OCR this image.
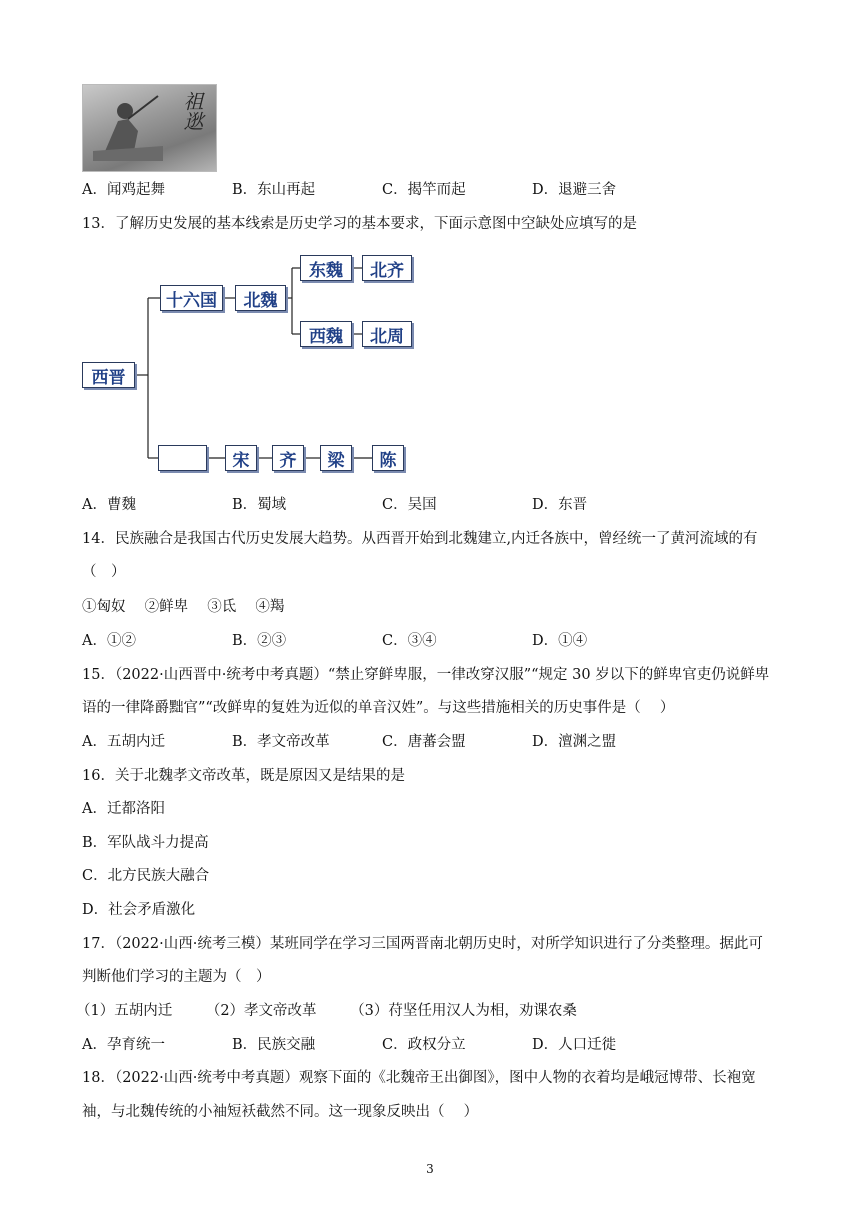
祖逖
A．闻鸡起舞	B．东山再起	C．揭竿而起	D．退避三舍
13．了解历史发展的基本线索是历史学习的基本要求，下面示意图中空缺处应填写的是
西晋
十六国	北魏
东魏	北齐
西魏	北周
宋	齐	梁	陈
A．曹魏	B．蜀域	C．吴国	D．东晋
14．民族融合是我国古代历史发展大趋势。从西晋开始到北魏建立,内迁各族中，曾经统一了黄河流域的有
（　）
①匈奴　 ②鲜卑　 ③氐　 ④羯
A．①②	B．②③	C．③④	D．①④
15．（2022·山西晋中·统考中考真题）“禁止穿鲜卑服，一律改穿汉服”“规定 30 岁以下的鲜卑官吏仍说鲜卑
语的一律降爵黜官”“改鲜卑的复姓为近似的单音汉姓”。与这些措施相关的历史事件是（　 ）
A．五胡内迁	B．孝文帝改革	C．唐蕃会盟	D．澶渊之盟
16．关于北魏孝文帝改革，既是原因又是结果的是
A．迁都洛阳
B．军队战斗力提高
C．北方民族大融合
D．社会矛盾激化
17．（2022·山西·统考三模）某班同学在学习三国两晋南北朝历史时，对所学知识进行了分类整理。据此可
判断他们学习的主题为（　）
（1）五胡内迁　　 （2）孝文帝改革　　 （3）苻坚任用汉人为相，劝课农桑
A．孕育统一	B．民族交融	C．政权分立	D．人口迁徙
18．（2022·山西·统考中考真题）观察下面的《北魏帝王出御图》，图中人物的衣着均是峨冠博带、长袍宽
袖，与北魏传统的小袖短袄截然不同。这一现象反映出（　 ）
3
